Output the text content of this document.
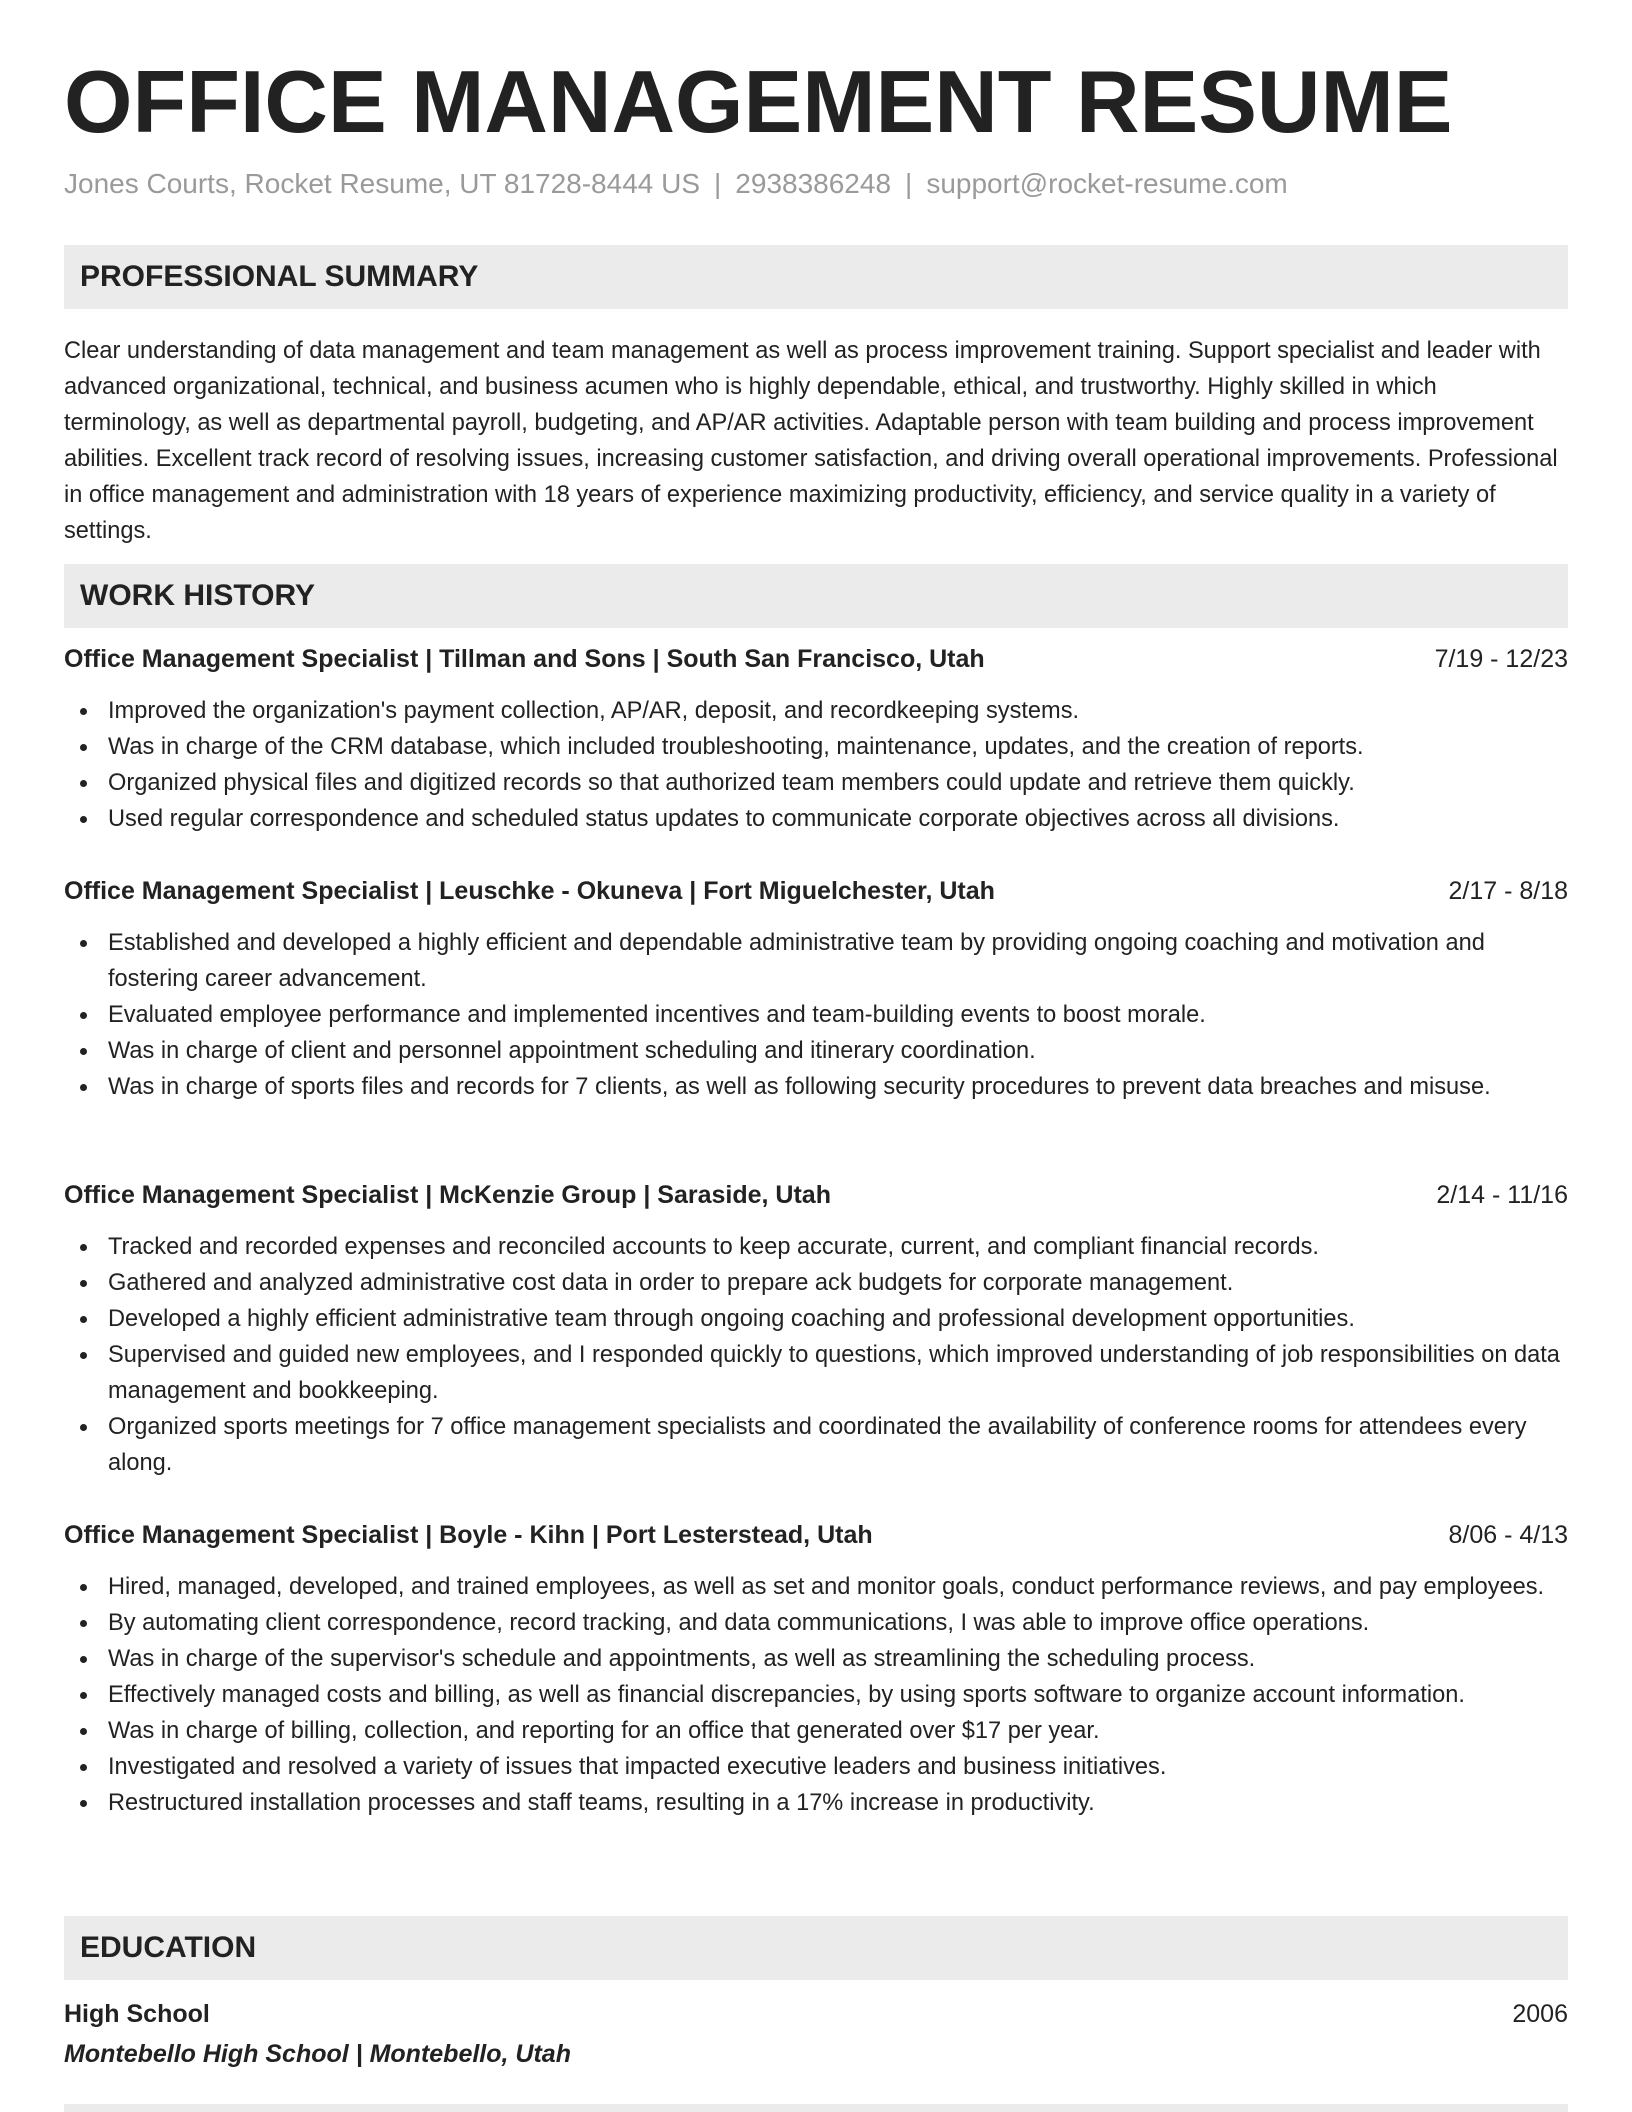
OFFICE MANAGEMENT RESUME
Jones Courts, Rocket Resume, UT 81728-8444 US | 2938386248 | support@rocket-resume.com
PROFESSIONAL SUMMARY

Clear understanding of data management and team management as well as process improvement training. Support specialist and leader with advanced organizational, technical, and business acumen who is highly dependable, ethical, and trustworthy. Highly skilled in which terminology, as well as departmental payroll, budgeting, and AP/AR activities. Adaptable person with team building and process improvement abilities. Excellent track record of resolving issues, increasing customer satisfaction, and driving overall operational improvements. Professional in office management and administration with 18 years of experience maximizing productivity, efficiency, and service quality in a variety of settings.

WORK HISTORY
Office Management Specialist | Tillman and Sons | South San Francisco, Utah	7/19 - 12/23
Improved the organization's payment collection, AP/AR, deposit, and recordkeeping systems.
Was in charge of the CRM database, which included troubleshooting, maintenance, updates, and the creation of reports.
Organized physical files and digitized records so that authorized team members could update and retrieve them quickly.
Used regular correspondence and scheduled status updates to communicate corporate objectives across all divisions.
Office Management Specialist | Leuschke - Okuneva | Fort Miguelchester, Utah	2/17 - 8/18
Established and developed a highly efficient and dependable administrative team by providing ongoing coaching and motivation and fostering career advancement.
Evaluated employee performance and implemented incentives and team-building events to boost morale.
Was in charge of client and personnel appointment scheduling and itinerary coordination.
Was in charge of sports files and records for 7 clients, as well as following security procedures to prevent data breaches and misuse.
Office Management Specialist | McKenzie Group | Saraside, Utah	2/14 - 11/16
Tracked and recorded expenses and reconciled accounts to keep accurate, current, and compliant financial records.
Gathered and analyzed administrative cost data in order to prepare ack budgets for corporate management.
Developed a highly efficient administrative team through ongoing coaching and professional development opportunities.
Supervised and guided new employees, and I responded quickly to questions, which improved understanding of job responsibilities on data management and bookkeeping.
Organized sports meetings for 7 office management specialists and coordinated the availability of conference rooms for attendees every along.
Office Management Specialist | Boyle - Kihn | Port Lesterstead, Utah	8/06 - 4/13
Hired, managed, developed, and trained employees, as well as set and monitor goals, conduct performance reviews, and pay employees.
By automating client correspondence, record tracking, and data communications, I was able to improve office operations.
Was in charge of the supervisor's schedule and appointments, as well as streamlining the scheduling process.
Effectively managed costs and billing, as well as financial discrepancies, by using sports software to organize account information.
Was in charge of billing, collection, and reporting for an office that generated over $17 per year.
Investigated and resolved a variety of issues that impacted executive leaders and business initiatives.
Restructured installation processes and staff teams, resulting in a 17% increase in productivity.
EDUCATION
High School	2006
Montebello High School | Montebello, Utah
